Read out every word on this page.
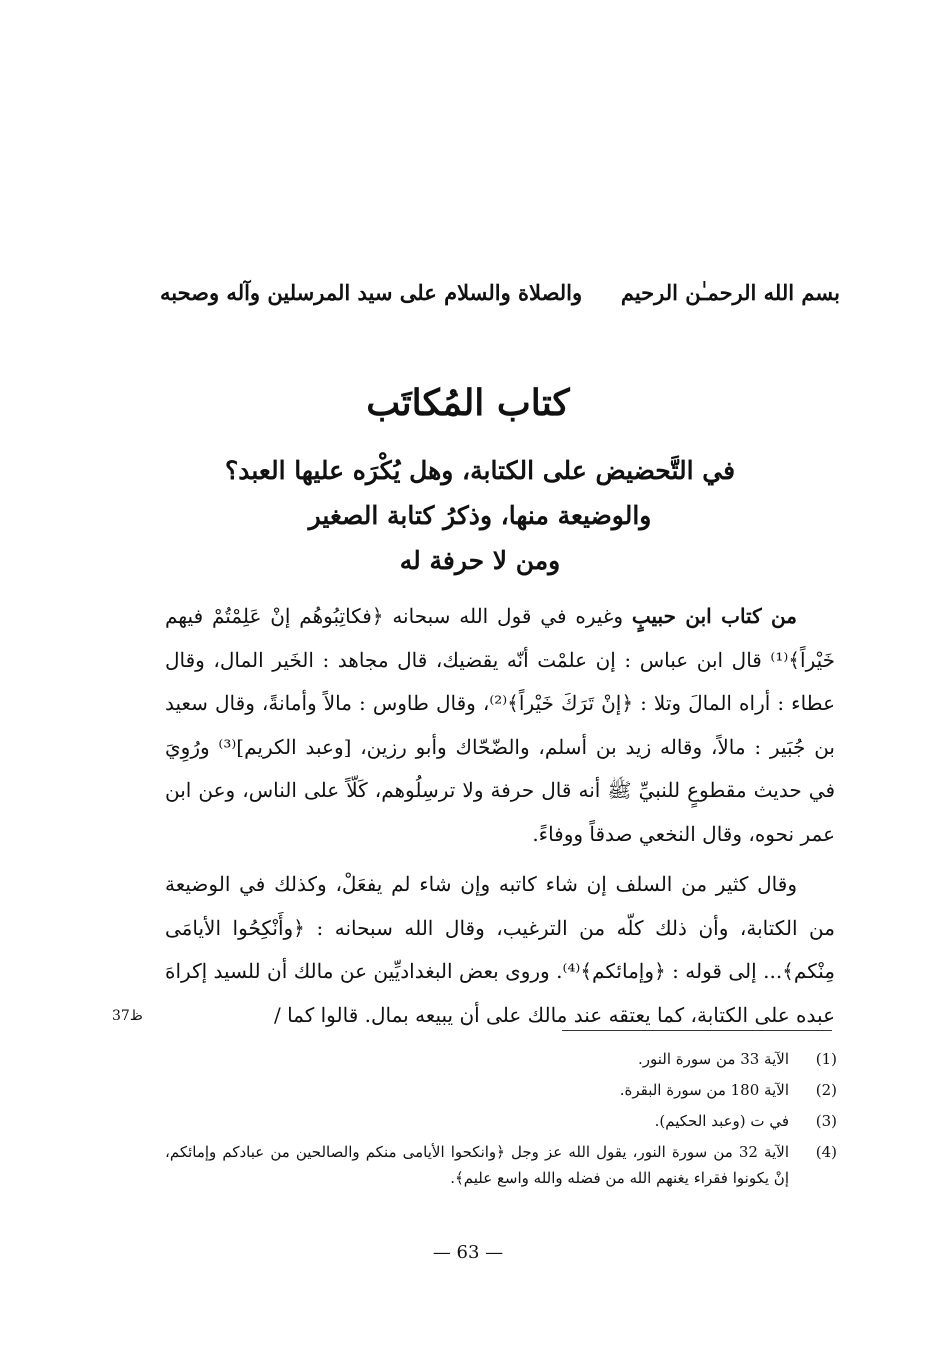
بسم الله الرحمـٰن الرحيم
والصلاة والسلام على سيد المرسلين وآله وصحبه
كتاب المُكاتَب
في التَّحضيض على الكتابة، وهل يُكْرَه عليها العبد؟
والوضيعة منها، وذكرُ كتابة الصغير
ومن لا حرفة له
من كتاب ابن حبيبٍ وغيره في قول الله سبحانه ﴿فكاتِبُوهُم إنْ عَلِمْتُمْ فيهم خَيْراً﴾⁽¹⁾ قال ابن عباس : إن علمْت أنّه يقضيك، قال مجاهد : الخَير المال، وقال عطاء : أراه المالَ وتلا : ﴿إنْ تَرَكَ خَيْراً﴾⁽²⁾، وقال طاوس : مالاً وأمانةً، وقال سعيد بن جُبَير : مالاً، وقاله زيد بن أسلم، والضّحّاك وأبو رزين، [وعبد الكريم]⁽³⁾ ورُوِيَ في حديث مقطوعٍ للنبيِّ ﷺ أنه قال حرفة ولا ترسِلُوهم، كَلّاً على الناس، وعن ابن عمر نحوه، وقال النخعي صدقاً ووفاءً.
وقال كثير من السلف إن شاء كاتبه وإن شاء لم يفعَلْ، وكذلك في الوضيعة من الكتابة، وأن ذلك كلّه من الترغيب، وقال الله سبحانه : ﴿وأَنْكِحُوا الأيامَى مِنْكم﴾... إلى قوله : ﴿وإمائكم﴾⁽⁴⁾. وروى بعض البغداديِّين عن مالك أن للسيد إكراهَ عبده على الكتابة، كما يعتقه عند مالك على أن يبيعه بمال. قالوا كما /
37ظ
(1)
الآية 33 من سورة النور.
(2)
الآية 180 من سورة البقرة.
(3)
في ت (وعبد الحكيم).
(4)
الآية 32 من سورة النور، يقول الله عز وجل ﴿وانكحوا الأيامى منكم والصالحين من عبادكم وإمائكم، إنْ يكونوا فقراء يغنهم الله من فضله والله واسع عليم﴾.
— 63 —
